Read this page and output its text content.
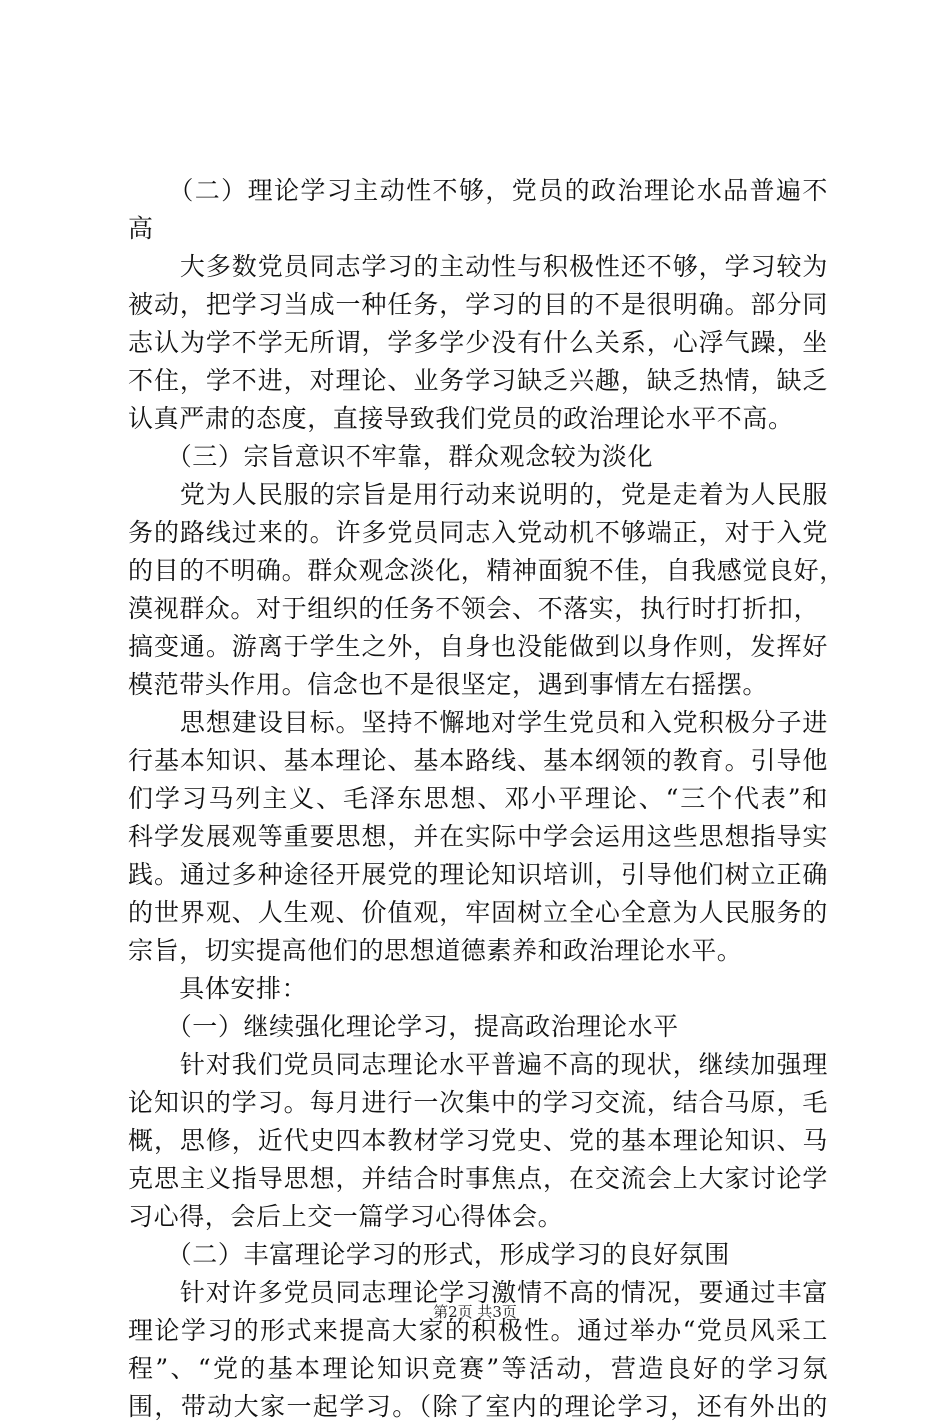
　　（二）理论学习主动性不够，党员的政治理论水品普遍不
高
　　大多数党员同志学习的主动性与积极性还不够，学习较为
被动，把学习当成一种任务，学习的目的不是很明确。部分同
志认为学不学无所谓，学多学少没有什么关系，心浮气躁，坐
不住，学不进，对理论、业务学习缺乏兴趣，缺乏热情，缺乏
认真严肃的态度，直接导致我们党员的政治理论水平不高。
　　（三）宗旨意识不牢靠，群众观念较为淡化
　　党为人民服的宗旨是用行动来说明的，党是走着为人民服
务的路线过来的。许多党员同志入党动机不够端正，对于入党
的目的不明确。群众观念淡化，精神面貌不佳，自我感觉良好，
漠视群众。对于组织的任务不领会、不落实，执行时打折扣，
搞变通。游离于学生之外，自身也没能做到以身作则，发挥好
模范带头作用。信念也不是很坚定，遇到事情左右摇摆。
　　思想建设目标。坚持不懈地对学生党员和入党积极分子进
行基本知识、基本理论、基本路线、基本纲领的教育。引导他
们学习马列主义、毛泽东思想、邓小平理论、“三个代表”和
科学发展观等重要思想，并在实际中学会运用这些思想指导实
践。通过多种途径开展党的理论知识培训，引导他们树立正确
的世界观、人生观、价值观，牢固树立全心全意为人民服务的
宗旨，切实提高他们的思想道德素养和政治理论水平。
　　具体安排：
　　（一）继续强化理论学习，提高政治理论水平
　　针对我们党员同志理论水平普遍不高的现状，继续加强理
论知识的学习。每月进行一次集中的学习交流，结合马原，毛
概，思修，近代史四本教材学习党史、党的基本理论知识、马
克思主义指导思想，并结合时事焦点，在交流会上大家讨论学
习心得，会后上交一篇学习心得体会。
　　（二）丰富理论学习的形式，形成学习的良好氛围
　　针对许多党员同志理论学习激情不高的情况，要通过丰富
理论学习的形式来提高大家的积极性。通过举办“党员风采工
程”、“党的基本理论知识竞赛”等活动，营造良好的学习氛
围，带动大家一起学习。（除了室内的理论学习，还有外出的
第2页 共3页
